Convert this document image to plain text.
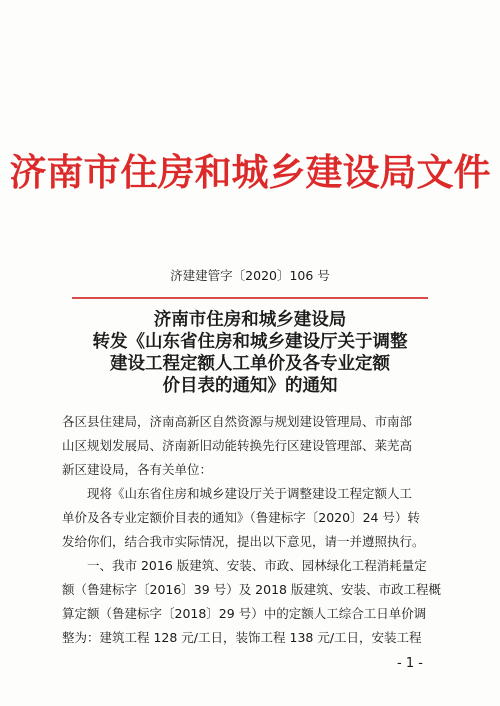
济南市住房和城乡建设局文件
济建建管字〔2020〕106 号
济南市住房和城乡建设局
转发《山东省住房和城乡建设厅关于调整
建设工程定额人工单价及各专业定额
价目表的通知》的通知
各区县住建局，济南高新区自然资源与规划建设管理局、市南部
山区规划发展局、济南新旧动能转换先行区建设管理部、莱芜高
新区建设局，各有关单位：
现将《山东省住房和城乡建设厅关于调整建设工程定额人工
单价及各专业定额价目表的通知》（鲁建标字〔2020〕24 号）转
发给你们，结合我市实际情况，提出以下意见，请一并遵照执行。
一、我市 2016 版建筑、安装、市政、园林绿化工程消耗量定
额（鲁建标字〔2016〕39 号）及 2018 版建筑、安装、市政工程概
算定额（鲁建标字〔2018〕29 号）中的定额人工综合工日单价调
整为：建筑工程 128 元/工日，装饰工程 138 元/工日，安装工程
- 1 -
